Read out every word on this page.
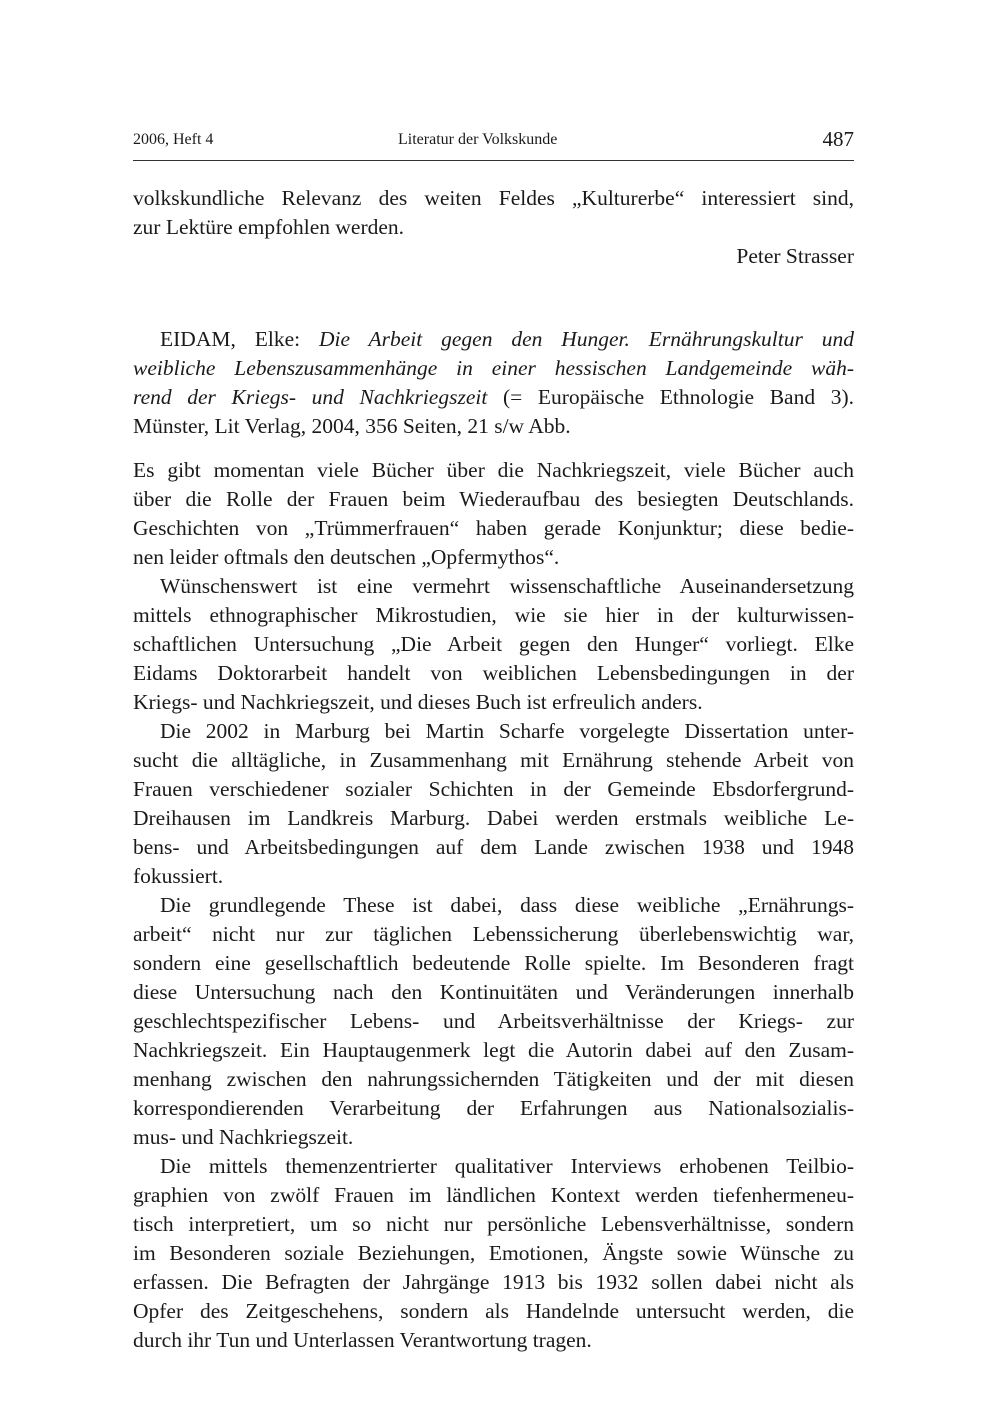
2006, Heft 4	Literatur der Volkskunde	487
volkskundliche Relevanz des weiten Feldes „Kulturerbe“ interessiert sind,
zur Lektüre empfohlen werden.
Peter Strasser
EIDAM, Elke: Die Arbeit gegen den Hunger. Ernährungskultur und
weibliche Lebenszusammenhänge in einer hessischen Landgemeinde wäh-
rend der Kriegs- und Nachkriegszeit (= Europäische Ethnologie Band 3).
Münster, Lit Verlag, 2004, 356 Seiten, 21 s/w Abb.
Es gibt momentan viele Bücher über die Nachkriegszeit, viele Bücher auch
über die Rolle der Frauen beim Wiederaufbau des besiegten Deutschlands.
Geschichten von „Trümmerfrauen“ haben gerade Konjunktur; diese bedie-
nen leider oftmals den deutschen „Opfermythos“.
Wünschenswert ist eine vermehrt wissenschaftliche Auseinandersetzung
mittels ethnographischer Mikrostudien, wie sie hier in der kulturwissen-
schaftlichen Untersuchung „Die Arbeit gegen den Hunger“ vorliegt. Elke
Eidams Doktorarbeit handelt von weiblichen Lebensbedingungen in der
Kriegs- und Nachkriegszeit, und dieses Buch ist erfreulich anders.
Die 2002 in Marburg bei Martin Scharfe vorgelegte Dissertation unter-
sucht die alltägliche, in Zusammenhang mit Ernährung stehende Arbeit von
Frauen verschiedener sozialer Schichten in der Gemeinde Ebsdorfergrund-
Dreihausen im Landkreis Marburg. Dabei werden erstmals weibliche Le-
bens- und Arbeitsbedingungen auf dem Lande zwischen 1938 und 1948
fokussiert.
Die grundlegende These ist dabei, dass diese weibliche „Ernährungs-
arbeit“ nicht nur zur täglichen Lebenssicherung überlebenswichtig war,
sondern eine gesellschaftlich bedeutende Rolle spielte. Im Besonderen fragt
diese Untersuchung nach den Kontinuitäten und Veränderungen innerhalb
geschlechtspezifischer Lebens- und Arbeitsverhältnisse der Kriegs- zur
Nachkriegszeit. Ein Hauptaugenmerk legt die Autorin dabei auf den Zusam-
menhang zwischen den nahrungssichernden Tätigkeiten und der mit diesen
korrespondierenden Verarbeitung der Erfahrungen aus Nationalsozialis-
mus- und Nachkriegszeit.
Die mittels themenzentrierter qualitativer Interviews erhobenen Teilbio-
graphien von zwölf Frauen im ländlichen Kontext werden tiefenhermeneu-
tisch interpretiert, um so nicht nur persönliche Lebensverhältnisse, sondern
im Besonderen soziale Beziehungen, Emotionen, Ängste sowie Wünsche zu
erfassen. Die Befragten der Jahrgänge 1913 bis 1932 sollen dabei nicht als
Opfer des Zeitgeschehens, sondern als Handelnde untersucht werden, die
durch ihr Tun und Unterlassen Verantwortung tragen.
